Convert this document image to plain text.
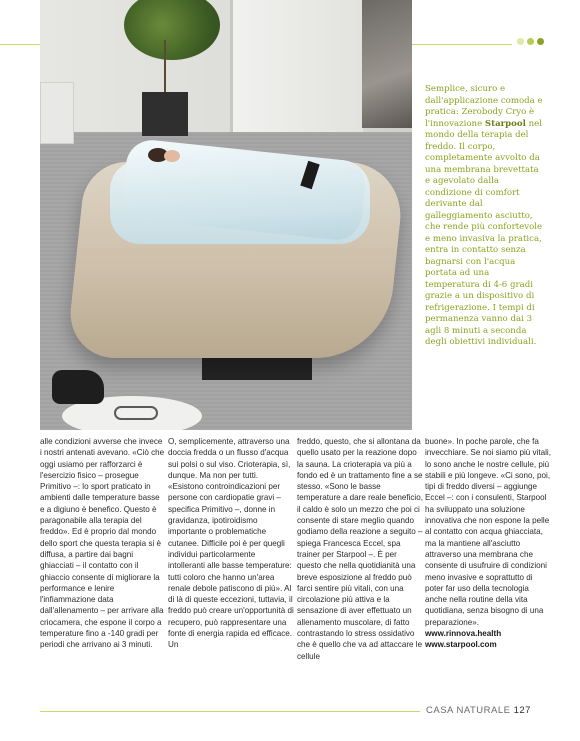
Semplice, sicuro e dall'applicazione comoda e pratica: Zerobody Cryo è l'innovazione Starpool nel mondo della terapia del freddo. Il corpo, completamente avvolto da una membrana brevettata e agevolato dalla condizione di comfort derivante dal galleggiamento asciutto, che rende più confortevole e meno invasiva la pratica, entra in contatto senza bagnarsi con l'acqua portata ad una temperatura di 4-6 gradi grazie a un dispositivo di refrigerazione. I tempi di permanenza vanno dai 3 agli 8 minuti a seconda degli obiettivi individuali.
alle condizioni avverse che invece i nostri antenati avevano. «Ciò che oggi usiamo per rafforzarci è l'esercizio fisico – prosegue Primitivo –: lo sport praticato in ambienti dalle temperature basse e a digiuno è benefico. Questo è paragonabile alla terapia del freddo». Ed è proprio dal mondo dello sport che questa terapia si è diffusa, a partire dai bagni ghiacciati – il contatto con il ghiaccio consente di migliorare la performance e lenire l'infiammazione data dall'allenamento – per arrivare alla criocamera, che espone il corpo a temperature fino a -140 gradi per periodi che arrivano ai 3 minuti.
O, semplicemente, attraverso una doccia fredda o un flusso d'acqua sui polsi o sul viso. Crioterapia, sì, dunque. Ma non per tutti. «Esistono controindicazioni per persone con cardiopatie gravi – specifica Primitivo –, donne in gravidanza, ipotiroidismo importante o problematiche cutanee. Difficile poi è per quegli individui particolarmente intolleranti alle basse temperature: tutti coloro che hanno un'area renale debole patiscono di più». Al di là di queste eccezioni, tuttavia, il freddo può creare un'opportunità di recupero, può rappresentare una fonte di energia rapida ed efficace. Un
freddo, questo, che si allontana da quello usato per la reazione dopo la sauna. La crioterapia va più a fondo ed è un trattamento fine a se stesso. «Sono le basse temperature a dare reale beneficio, il caldo è solo un mezzo che poi ci consente di stare meglio quando godiamo della reazione a seguito – spiega Francesca Eccel, spa trainer per Starpool –. È per questo che nella quotidianità una breve esposizione al freddo può farci sentire più vitali, con una circolazione più attiva e la sensazione di aver effettuato un allenamento muscolare, di fatto contrastando lo stress ossidativo che è quello che va ad attaccare le cellule
buone». In poche parole, che fa invecchiare. Se noi siamo più vitali, lo sono anche le nostre cellule, più stabili e più longeve. «Ci sono, poi, tipi di freddo diversi – aggiunge Eccel –: con i consulenti, Starpool ha sviluppato una soluzione innovativa che non espone la pelle al contatto con acqua ghiacciata, ma la mantiene all'asciutto attraverso una membrana che consente di usufruire di condizioni meno invasive e soprattutto di poter far uso della tecnologia anche nella routine della vita quotidiana, senza bisogno di una preparazione».
www.rinnova.health
www.starpool.com
CASA NATURALE 127
